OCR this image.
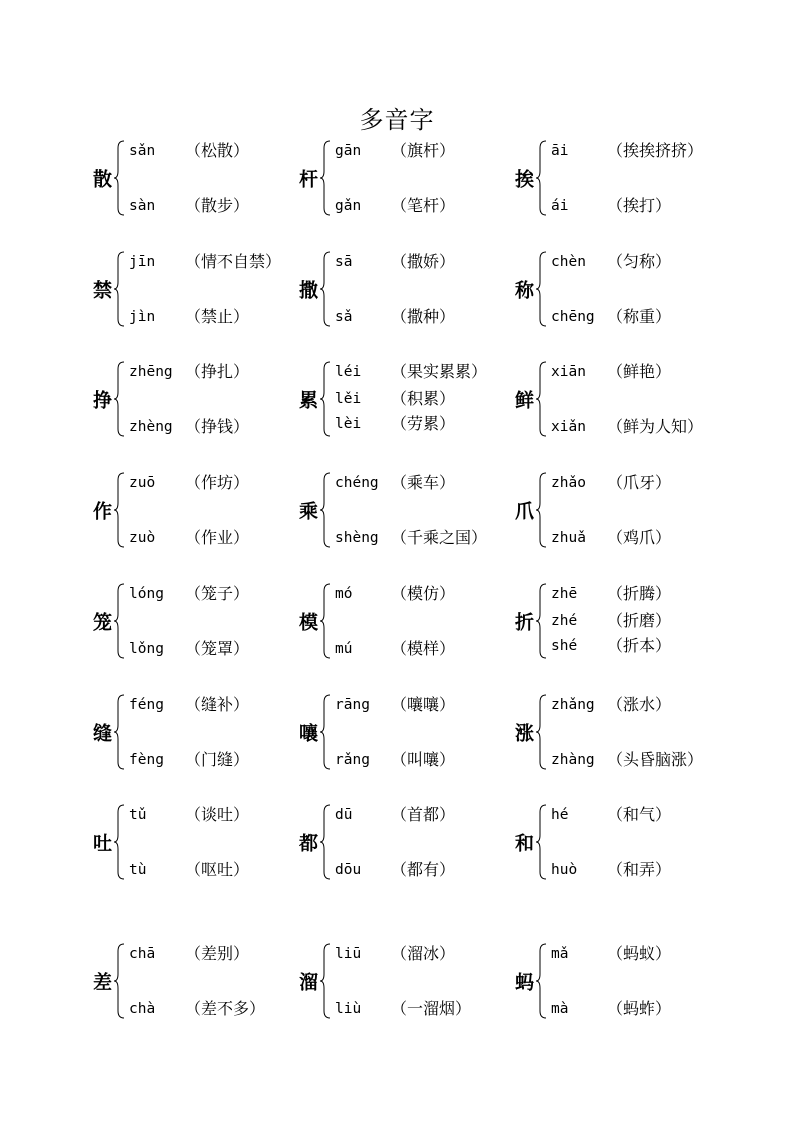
多音字
散
sǎn （松散）
sàn （散步）
杆
gān （旗杆）
gǎn （笔杆）
挨
āi （挨挨挤挤）
ái （挨打）
禁
jīn （情不自禁）
jìn （禁止）
撒
sā （撒娇）
sǎ （撒种）
称
chèn （匀称）
chēng （称重）
挣
zhēng （挣扎）
zhèng （挣钱）
累
léi （果实累累）
lěi （积累）
lèi （劳累）
鲜
xiān （鲜艳）
xiǎn （鲜为人知）
作
zuō （作坊）
zuò （作业）
乘
chéng （乘车）
shèng （千乘之国）
爪
zhǎo （爪牙）
zhuǎ （鸡爪）
笼
lóng （笼子）
lǒng （笼罩）
模
mó （模仿）
mú （模样）
折
zhē （折腾）
zhé （折磨）
shé （折本）
缝
féng （缝补）
fèng （门缝）
嚷
rāng （嚷嚷）
rǎng （叫嚷）
涨
zhǎng （涨水）
zhàng （头昏脑涨）
吐
tǔ （谈吐）
tù （呕吐）
都
dū （首都）
dōu （都有）
和
hé （和气）
huò （和弄）
差
chā （差别）
chà （差不多）
溜
liū （溜冰）
liù （一溜烟）
蚂
mǎ （蚂蚁）
mà （蚂蚱）
